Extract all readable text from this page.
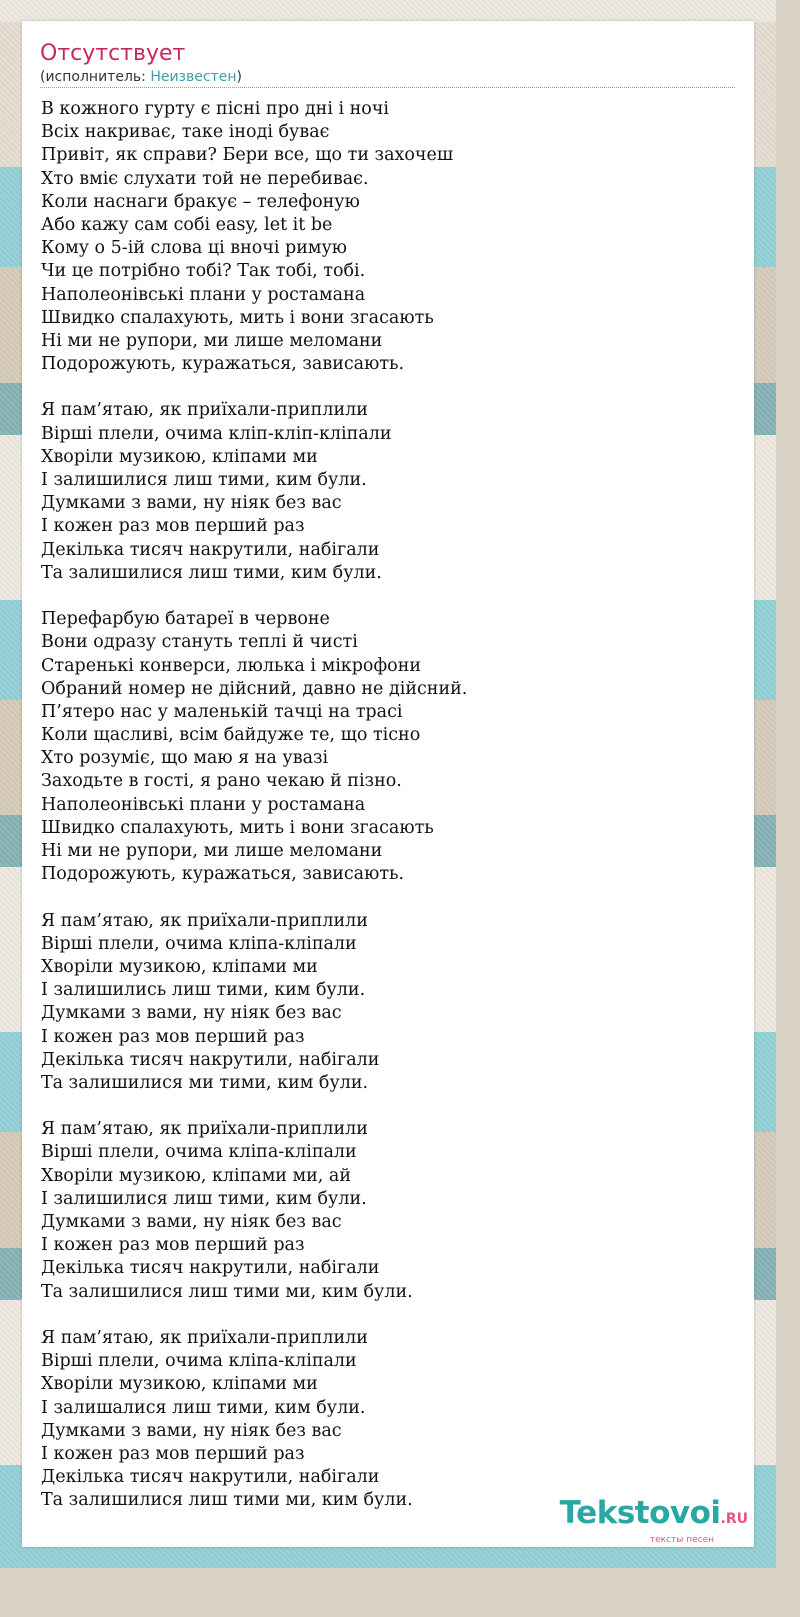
Отсутствует
(исполнитель: Неизвестен)
В кожного гурту є пісні про дні і ночі
Всіх накриває, таке іноді буває
Привіт, як справи? Бери все, що ти захочеш
Хто вміє слухати той не перебиває.
Коли наснаги бракує – телефоную
Або кажу сам собі easy, let it be
Кому о 5-ій слова ці вночі римую
Чи це потрібно тобі? Так тобі, тобі.
Наполеонівські плани у ростамана
Швидко спалахують, мить і вони згасають
Ні ми не рупори, ми лише меломани
Подорожують, куражаться, зависають.
Я пам’ятаю, як приїхали-приплили
Вірші плели, очима кліп-кліп-кліпали
Хворіли музикою, кліпами ми
І залишилися лиш тими, ким були.
Думками з вами, ну ніяк без вас
І кожен раз мов перший раз
Декілька тисяч накрутили, набігали
Та залишилися лиш тими, ким були.
Перефарбую батареї в червоне
Вони одразу стануть теплі й чисті
Старенькі конверси, люлька і мікрофони
Обраний номер не дійсний, давно не дійсний.
П’ятеро нас у маленькій тачці на трасі
Коли щасливі, всім байдуже те, що тісно
Хто розуміє, що маю я на увазі
Заходьте в гості, я рано чекаю й пізно.
Наполеонівські плани у ростамана
Швидко спалахують, мить і вони згасають
Ні ми не рупори, ми лише меломани
Подорожують, куражаться, зависають.
Я пам’ятаю, як приїхали-приплили
Вірші плели, очима кліпа-кліпали
Хворіли музикою, кліпами ми
І залишились лиш тими, ким були.
Думками з вами, ну ніяк без вас
І кожен раз мов перший раз
Декілька тисяч накрутили, набігали
Та залишилися ми тими, ким були.
Я пам’ятаю, як приїхали-приплили
Вірші плели, очима кліпа-кліпали
Хворіли музикою, кліпами ми, ай
І залишилися лиш тими, ким були.
Думками з вами, ну ніяк без вас
І кожен раз мов перший раз
Декілька тисяч накрутили, набігали
Та залишилися лиш тими ми, ким були.
Я пам’ятаю, як приїхали-приплили
Вірші плели, очима кліпа-кліпали
Хворіли музикою, кліпами ми
І залишалися лиш тими, ким були.
Думками з вами, ну ніяк без вас
І кожен раз мов перший раз
Декілька тисяч накрутили, набігали
Та залишилися лиш тими ми, ким були.	Tekstovoi.RU
тексты песен
